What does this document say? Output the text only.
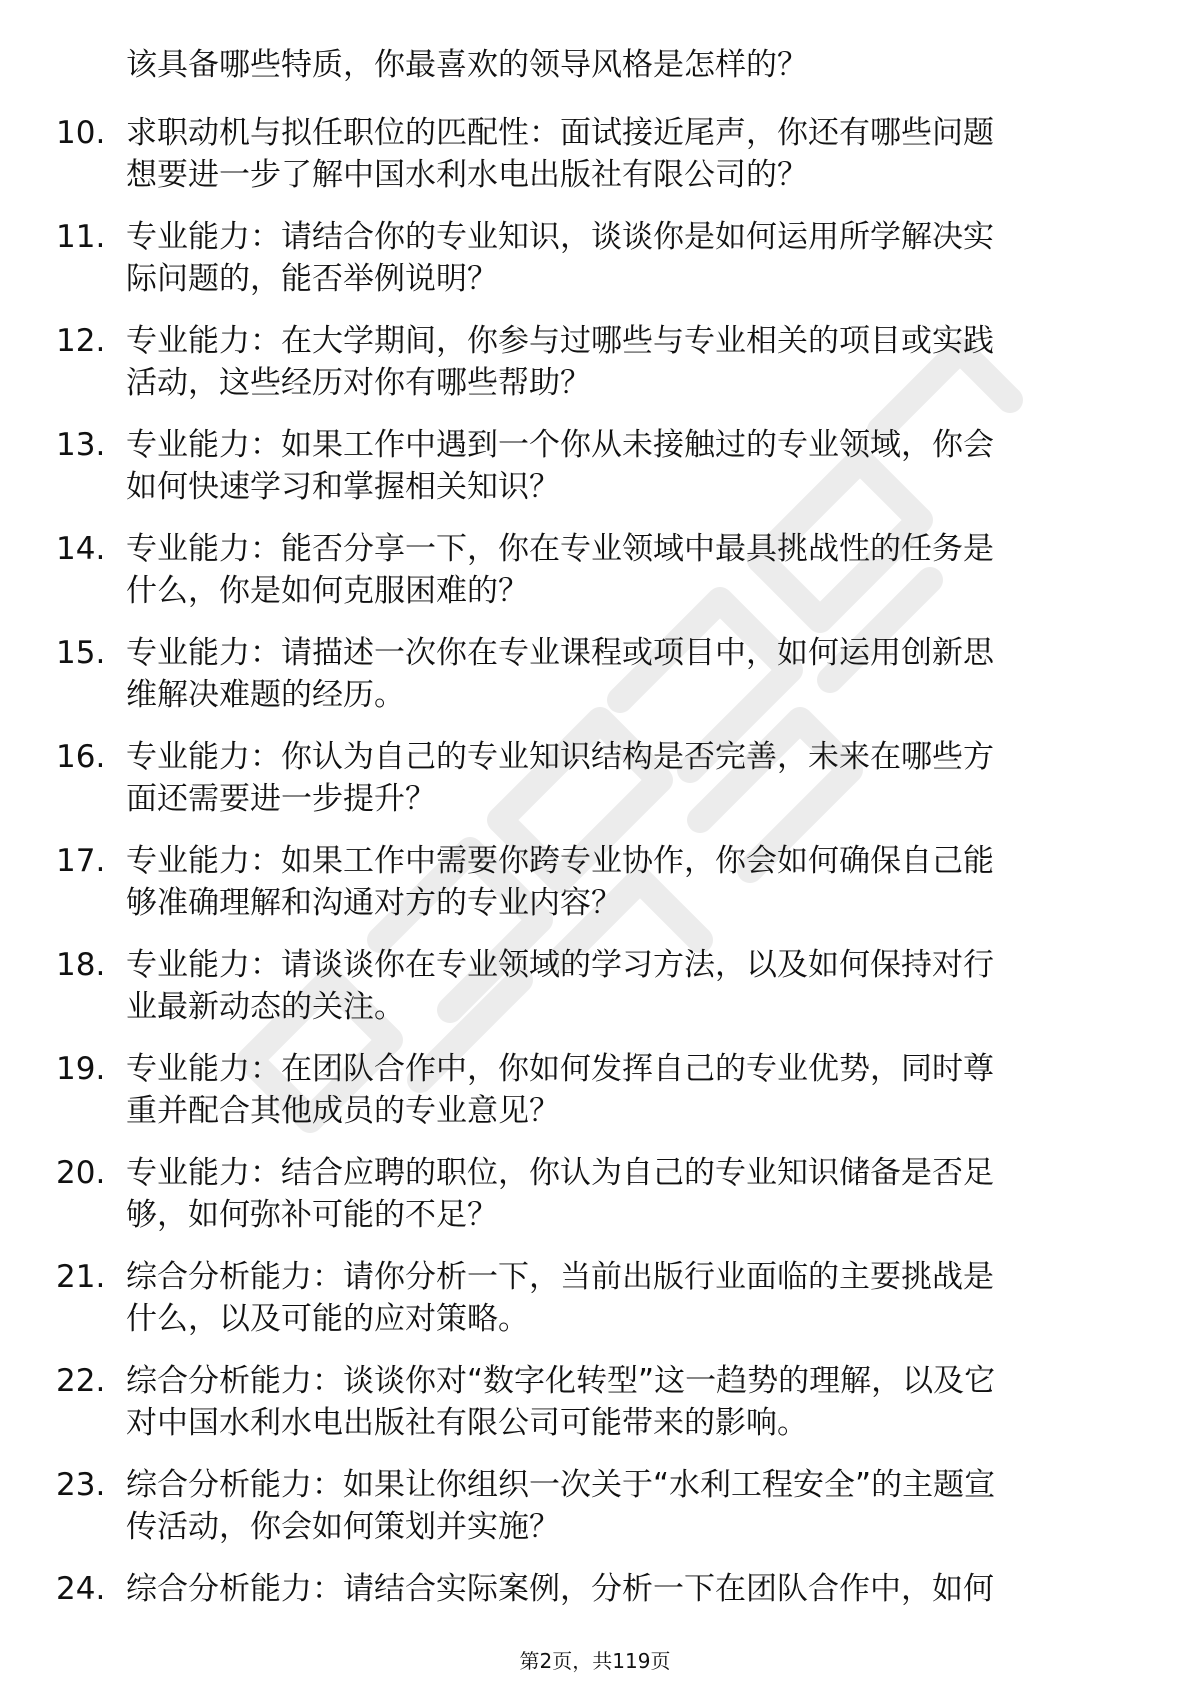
该具备哪些特质，你最喜欢的领导风格是怎样的？

10. 求职动机与拟任职位的匹配性：面试接近尾声，你还有哪些问题
想要进一步了解中国水利水电出版社有限公司的？
11. 专业能力：请结合你的专业知识，谈谈你是如何运用所学解决实
际问题的，能否举例说明？
12. 专业能力：在大学期间，你参与过哪些与专业相关的项目或实践
活动，这些经历对你有哪些帮助？
13. 专业能力：如果工作中遇到一个你从未接触过的专业领域，你会
如何快速学习和掌握相关知识？
14. 专业能力：能否分享一下，你在专业领域中最具挑战性的任务是
什么，你是如何克服困难的？
15. 专业能力：请描述一次你在专业课程或项目中，如何运用创新思
维解决难题的经历。
16. 专业能力：你认为自己的专业知识结构是否完善，未来在哪些方
面还需要进一步提升？
17. 专业能力：如果工作中需要你跨专业协作，你会如何确保自己能
够准确理解和沟通对方的专业内容？
18. 专业能力：请谈谈你在专业领域的学习方法，以及如何保持对行
业最新动态的关注。
19. 专业能力：在团队合作中，你如何发挥自己的专业优势，同时尊
重并配合其他成员的专业意见？
20. 专业能力：结合应聘的职位，你认为自己的专业知识储备是否足
够，如何弥补可能的不足？
21. 综合分析能力：请你分析一下，当前出版行业面临的主要挑战是
什么，以及可能的应对策略。
22. 综合分析能力：谈谈你对“数字化转型”这一趋势的理解，以及它
对中国水利水电出版社有限公司可能带来的影响。
23. 综合分析能力：如果让你组织一次关于“水利工程安全”的主题宣
传活动，你会如何策划并实施？
24. 综合分析能力：请结合实际案例，分析一下在团队合作中，如何
第2页，共119页
